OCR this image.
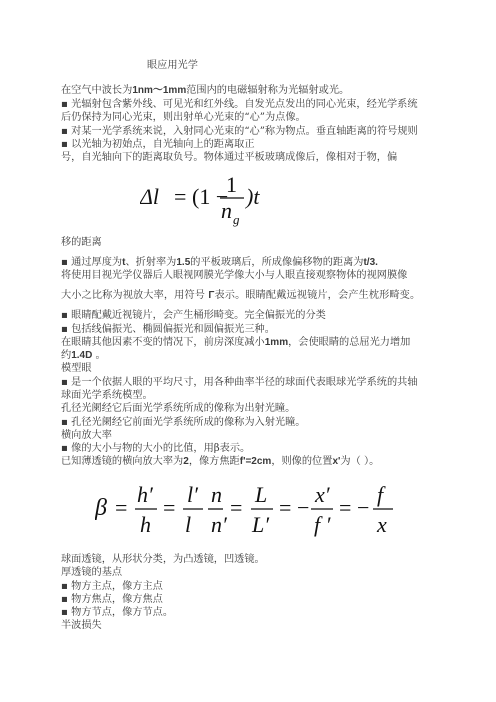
眼应用光学
在空气中波长为1nm～1mm范围内的电磁辐射称为光辐射或光。
▪ 光辐射包含紫外线、可见光和红外线。自发光点发出的同心光束，经光学系统
后仍保持为同心光束，则出射单心光束的“心”为点像。
▪ 对某一光学系统来说，入射同心光束的“心”称为物点。垂直轴距离的符号规则
▪ 以光轴为初始点，自光轴向上的距离取正
号，自光轴向下的距离取负号。物体通过平板玻璃成像后，像相对于物，偏
Δl = (1 −
1
n g
)t
移的距离
▪ 通过厚度为t、折射率为1.5的平板玻璃后，所成像偏移物的距离为t/3.
将使用目视光学仪器后人眼视网膜光学像大小与人眼直接观察物体的视网膜像
大小之比称为视放大率，用符号 Γ表示。眼睛配戴远视镜片，会产生枕形畸变。
▪ 眼睛配戴近视镜片，会产生桶形畸变。完全偏振光的分类
▪ 包括线偏振光、椭圆偏振光和圆偏振光三种。
在眼睛其他因素不变的情况下，前房深度减小1mm，会使眼睛的总屈光力增加
约1.4D 。
模型眼
▪ 是一个依据人眼的平均尺寸，用各种曲率半径的球面代表眼球光学系统的共轴
球面光学系统模型。
孔径光阑经它后面光学系统所成的像称为出射光瞳。
▪ 孔径光阑经它前面光学系统所成的像称为入射光瞳。
横向放大率
▪ 像的大小与物的大小的比值，用β表示。
已知薄透镜的横向放大率为2，像方焦距f'=2cm，则像的位置x'为（ ）。
β =
h′
h
=
l′
l
n
n′
=
L
L′
= −
x′
f ′
= −
f
x
球面透镜，从形状分类，为凸透镜，凹透镜。
厚透镜的基点
▪ 物方主点，像方主点
▪ 物方焦点，像方焦点
▪ 物方节点，像方节点。
半波损失
